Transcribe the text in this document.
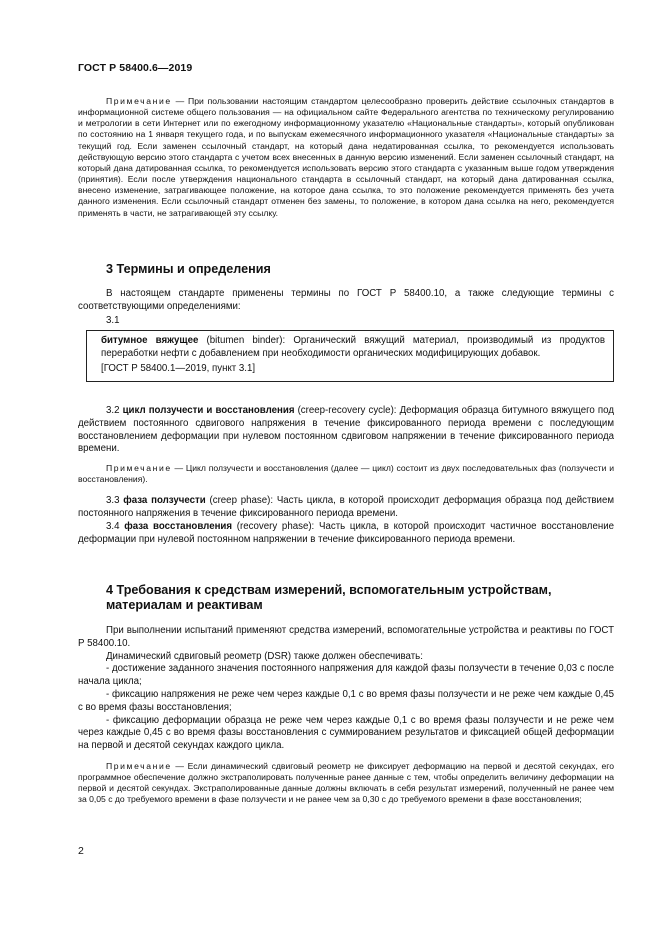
ГОСТ Р 58400.6—2019

Примечание — При пользовании настоящим стандартом целесообразно проверить действие ссылочных стандартов в информационной системе общего пользования — на официальном сайте Федерального агентства по техническому регулированию и метрологии в сети Интернет или по ежегодному информационному указателю «Национальные стандарты», который опубликован по состоянию на 1 января текущего года, и по выпускам ежемесячного информационного указателя «Национальные стандарты» за текущий год. Если заменен ссылочный стандарт, на который дана недатированная ссылка, то рекомендуется использовать действующую версию этого стандарта с учетом всех внесенных в данную версию изменений. Если заменен ссылочный стандарт, на который дана датированная ссылка, то рекомендуется использовать версию этого стандарта с указанным выше годом утверждения (принятия). Если после утверждения национального стандарта в ссылочный стандарт, на который дана датированная ссылка, внесено изменение, затрагивающее положение, на которое дана ссылка, то это положение рекомендуется применять без учета данного изменения. Если ссылочный стандарт отменен без замены, то положение, в котором дана ссылка на него, рекомендуется применять в части, не затрагивающей эту ссылку.

3 Термины и определения

В настоящем стандарте применены термины по ГОСТ Р 58400.10, а также следующие термины с соответствующими определениями:

3.1

битумное вяжущее (bitumen binder): Органический вяжущий материал, производимый из продуктов переработки нефти с добавлением при необходимости органических модифицирующих добавок.

[ГОСТ Р 58400.1—2019, пункт 3.1]

3.2 цикл ползучести и восстановления (creep-recovery cycle): Деформация образца битумного вяжущего под действием постоянного сдвигового напряжения в течение фиксированного периода времени с последующим восстановлением деформации при нулевом постоянном сдвиговом напряжении в течение фиксированного периода времени.

Примечание — Цикл ползучести и восстановления (далее — цикл) состоит из двух последовательных фаз (ползучести и восстановления).

3.3 фаза ползучести (creep phase): Часть цикла, в которой происходит деформация образца под действием постоянного напряжения в течение фиксированного периода времени.

3.4 фаза восстановления (recovery phase): Часть цикла, в которой происходит частичное восстановление деформации при нулевой постоянном напряжении в течение фиксированного периода времени.

4 Требования к средствам измерений, вспомогательным устройствам,
материалам и реактивам

При выполнении испытаний применяют средства измерений, вспомогательные устройства и реактивы по ГОСТ Р 58400.10.

Динамический сдвиговый реометр (DSR) также должен обеспечивать:

- достижение заданного значения постоянного напряжения для каждой фазы ползучести в течение 0,03 с после начала цикла;

- фиксацию напряжения не реже чем через каждые 0,1 с во время фазы ползучести и не реже чем каждые 0,45 с во время фазы восстановления;

- фиксацию деформации образца не реже чем через каждые 0,1 с во время фазы ползучести и не реже чем через каждые 0,45 с во время фазы восстановления с суммированием результатов и фиксацией общей деформации на первой и десятой секундах каждого цикла.

Примечание — Если динамический сдвиговый реометр не фиксирует деформацию на первой и десятой секундах, его программное обеспечение должно экстраполировать полученные ранее данные с тем, чтобы определить величину деформации на первой и десятой секундах. Экстраполированные данные должны включать в себя результат измерений, полученный не ранее чем за 0,05 с до требуемого времени в фазе ползучести и не ранее чем за 0,30 с до требуемого времени в фазе восстановления;

2
